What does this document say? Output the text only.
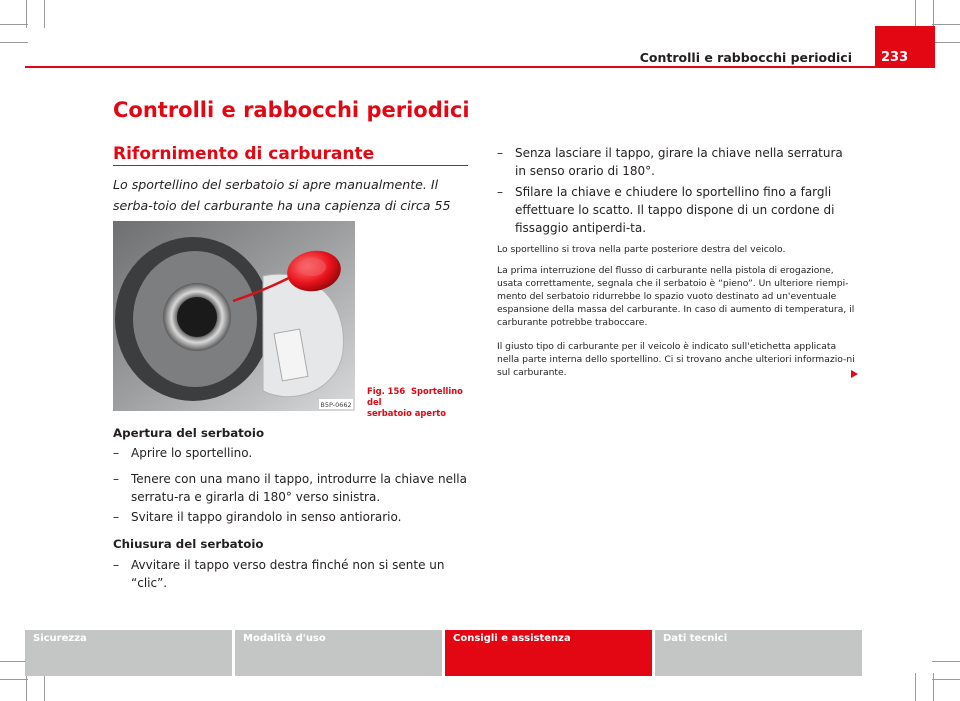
Controlli e rabbocchi periodici	233
Controlli e rabbocchi periodici
Rifornimento di carburante

Lo sportellino del serbatoio si apre manualmente. Il serba-toio del carburante ha una capienza di circa 55

B5P-0662
Fig. 156 Sportellino del
serbatoio aperto
Apertura del serbatoio
– Aprire lo sportellino.
– Tenere con una mano il tappo, introdurre la chiave nella serratu-ra e girarla di 180° verso sinistra.
– Svitare il tappo girandolo in senso antiorario.
Chiusura del serbatoio
– Avvitare il tappo verso destra finché non si sente un “clic”.
– Senza lasciare il tappo, girare la chiave nella serratura in senso orario di 180°.
– Sfilare la chiave e chiudere lo sportellino fino a fargli effettuare lo scatto. Il tappo dispone di un cordone di fissaggio antiperdi-ta.

Lo sportellino si trova nella parte posteriore destra del veicolo.

La prima interruzione del flusso di carburante nella pistola di erogazione, usata correttamente, segnala che il serbatoio è “pieno”. Un ulteriore riempi-mento del serbatoio ridurrebbe lo spazio vuoto destinato ad un'eventuale espansione della massa del carburante. In caso di aumento di temperatura, il carburante potrebbe traboccare.

Il giusto tipo di carburante per il veicolo è indicato sull'etichetta applicata nella parte interna dello sportellino. Ci si trovano anche ulteriori informazio-ni sul carburante.

Sicurezza	Modalità d'uso	Consigli e assistenza	Dati tecnici
